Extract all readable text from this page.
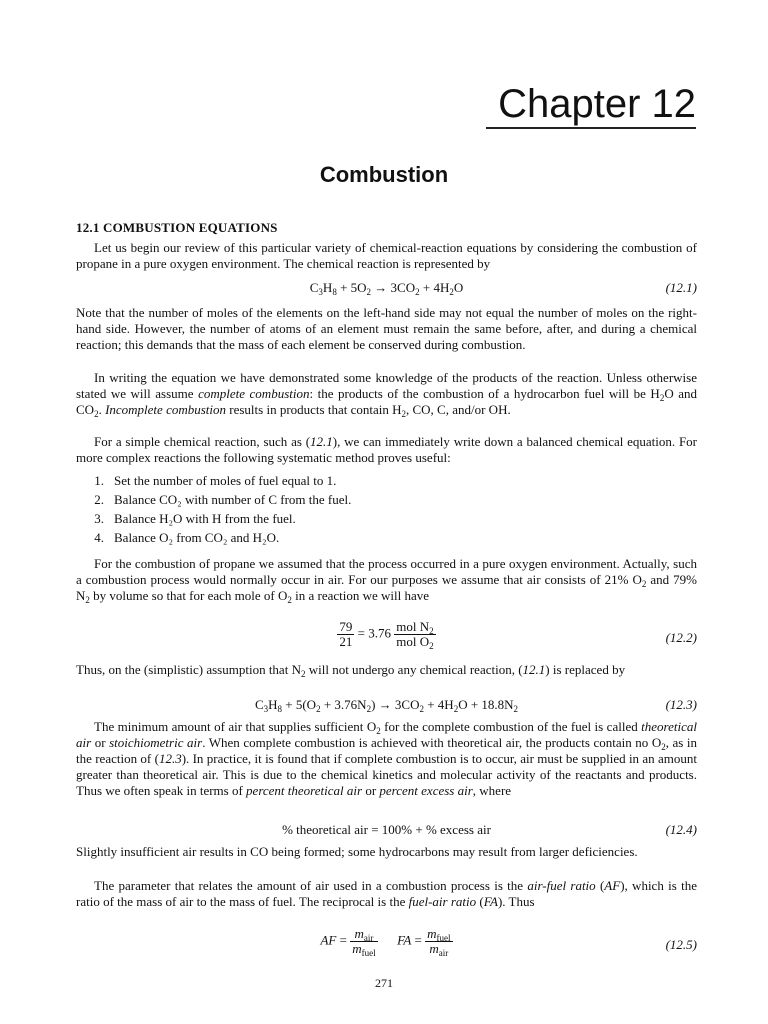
Chapter 12
Combustion
12.1 COMBUSTION EQUATIONS

Let us begin our review of this particular variety of chemical-reaction equations by considering the combustion of propane in a pure oxygen environment. The chemical reaction is represented by

$C_3H_8 + 5O_2 \to 3CO_2 + 4H_2O$	(12.1)

Note that the number of moles of the elements on the left-hand side may not equal the number of moles on the right-hand side. However, the number of atoms of an element must remain the same before, after, and during a chemical reaction; this demands that the mass of each element be conserved during combustion.

In writing the equation we have demonstrated some knowledge of the products of the reaction. Unless otherwise stated we will assume complete combustion: the products of the combustion of a hydrocarbon fuel will be $H_2O$ and $CO_2$. Incomplete combustion results in products that contain $H_2$, CO, C, and/or OH.

For a simple chemical reaction, such as (12.1), we can immediately write down a balanced chemical equation. For more complex reactions the following systematic method proves useful:

1. Set the number of moles of fuel equal to 1.
2. Balance CO₂ with number of C from the fuel.
3. Balance H₂O with H from the fuel.
4. Balance O₂ from CO₂ and H₂O.

For the combustion of propane we assumed that the process occurred in a pure oxygen environment. Actually, such a combustion process would normally occur in air. For our purposes we assume that air consists of 21% $O_2$ and 79% $N_2$ by volume so that for each mole of $O_2$ in a reaction we will have

$\frac{79}{21} = 3.76 \frac{mol N_2}{mol O_2}$	(12.2)

Thus, on the (simplistic) assumption that $N_2$ will not undergo any chemical reaction, (12.1) is replaced by

$C_3H_8 + 5(O_2 + 3.76N_2) \to 3CO_2 + 4H_2O + 18.8N_2$	(12.3)

The minimum amount of air that supplies sufficient $O_2$ for the complete combustion of the fuel is called theoretical air or stoichiometric air. When complete combustion is achieved with theoretical air, the products contain no $O_2$, as in the reaction of (12.3). In practice, it is found that if complete combustion is to occur, air must be supplied in an amount greater than theoretical air. This is due to the chemical kinetics and molecular activity of the reactants and products. Thus we often speak in terms of percent theoretical air or percent excess air, where

% theoretical air = 100% + % excess air	(12.4)

Slightly insufficient air results in CO being formed; some hydrocarbons may result from larger deficiencies.

The parameter that relates the amount of air used in a combustion process is the air-fuel ratio (AF), which is the ratio of the mass of air to the mass of fuel. The reciprocal is the fuel-air ratio (FA). Thus

AF = $\frac{m_{air}}{m_{fuel}}$ FA = $\frac{m_{fuel}}{m_{air}}$	(12.5)
271
